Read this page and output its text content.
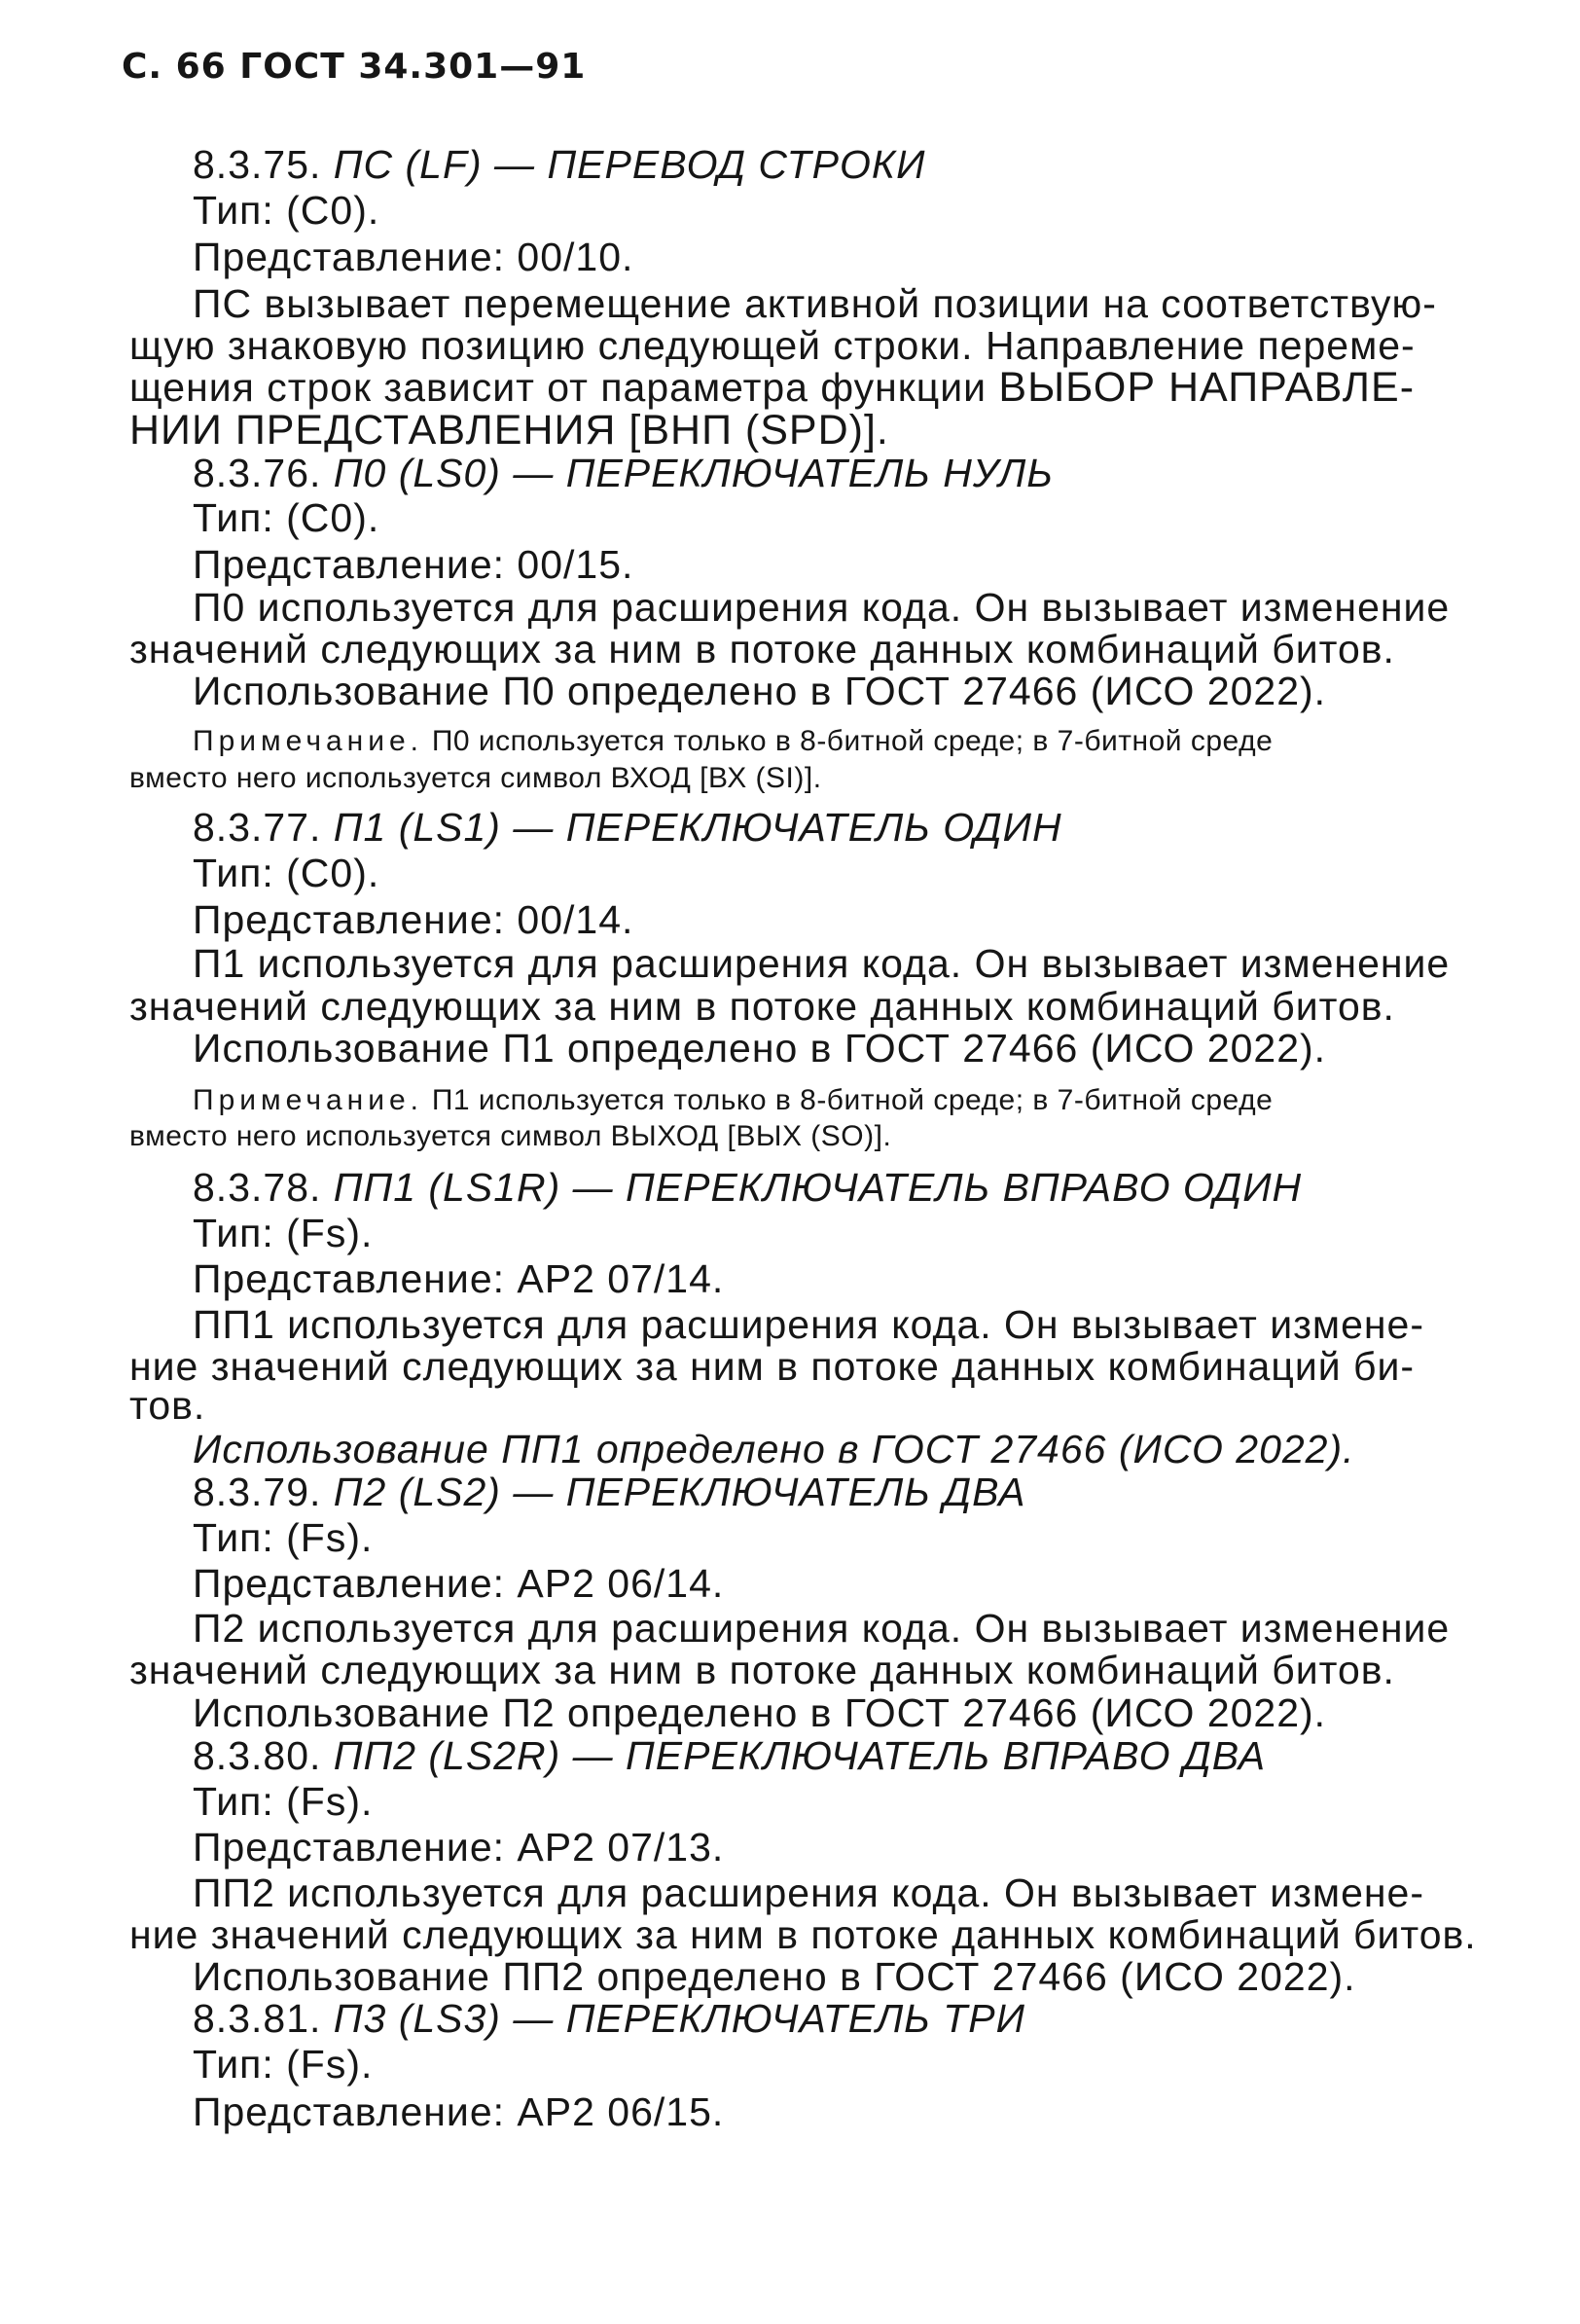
С. 66 ГОСТ 34.301—91
8.3.75. ПС (LF) — ПЕРЕВОД СТРОКИ
Тип: (С0).
Представление: 00/10.
ПС вызывает перемещение активной позиции на соответствую-
щую знаковую позицию следующей строки. Направление переме-
щения строк зависит от параметра функции ВЫБОР НАПРАВЛЕ-
НИИ ПРЕДСТАВЛЕНИЯ [ВНП (SPD)].
8.3.76. П0 (LS0) — ПЕРЕКЛЮЧАТЕЛЬ НУЛЬ
Тип: (С0).
Представление: 00/15.
П0 используется для расширения кода. Он вызывает изменение
значений следующих за ним в потоке данных комбинаций битов.
Использование П0 определено в ГОСТ 27466 (ИСО 2022).
Примечание. П0 используется только в 8-битной среде; в 7-битной среде
вместо него используется символ ВХОД [ВХ (SI)].
8.3.77. П1 (LS1) — ПЕРЕКЛЮЧАТЕЛЬ ОДИН
Тип: (С0).
Представление: 00/14.
П1 используется для расширения кода. Он вызывает изменение
значений следующих за ним в потоке данных комбинаций битов.
Использование П1 определено в ГОСТ 27466 (ИСО 2022).
Примечание. П1 используется только в 8-битной среде; в 7-битной среде
вместо него используется символ ВЫХОД [ВЫХ (SO)].
8.3.78. ПП1 (LS1R) — ПЕРЕКЛЮЧАТЕЛЬ ВПРАВО ОДИН
Тип: (Fs).
Представление: АР2 07/14.
ПП1 используется для расширения кода. Он вызывает измене-
ние значений следующих за ним в потоке данных комбинаций би-
тов.
Использование ПП1 определено в ГОСТ 27466 (ИСО 2022).
8.3.79. П2 (LS2) — ПЕРЕКЛЮЧАТЕЛЬ ДВА
Тип: (Fs).
Представление: АР2 06/14.
П2 используется для расширения кода. Он вызывает изменение
значений следующих за ним в потоке данных комбинаций битов.
Использование П2 определено в ГОСТ 27466 (ИСО 2022).
8.3.80. ПП2 (LS2R) — ПЕРЕКЛЮЧАТЕЛЬ ВПРАВО ДВА
Тип: (Fs).
Представление: АР2 07/13.
ПП2 используется для расширения кода. Он вызывает измене-
ние значений следующих за ним в потоке данных комбинаций битов.
Использование ПП2 определено в ГОСТ 27466 (ИСО 2022).
8.3.81. П3 (LS3) — ПЕРЕКЛЮЧАТЕЛЬ ТРИ
Тип: (Fs).
Представление: АР2 06/15.
